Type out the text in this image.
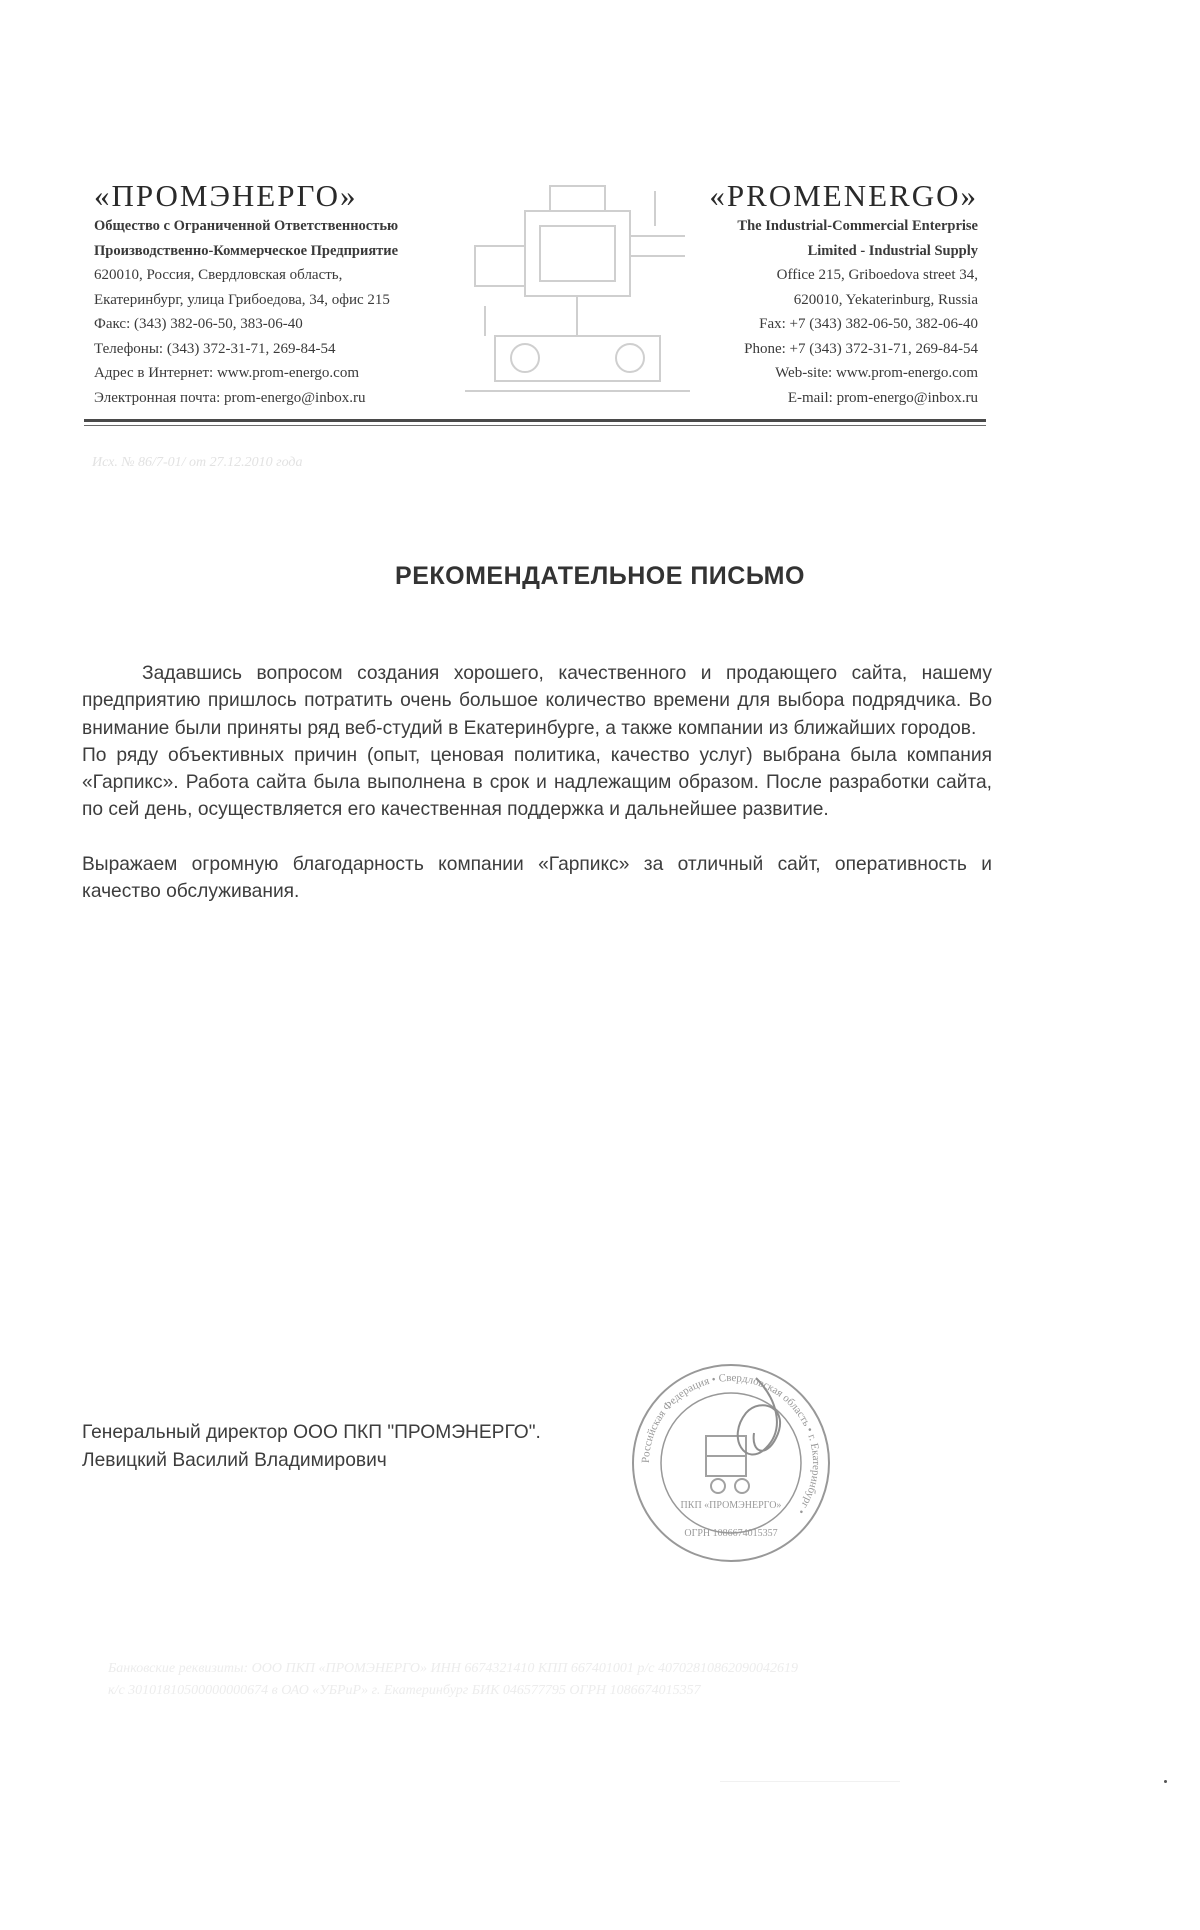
«ПРОМЭНЕРГО»
Общество с Ограниченной Ответственностью
Производственно-Коммерческое Предприятие
620010, Россия, Свердловская область,
Екатеринбург, улица Грибоедова, 34, офис 215
Факс: (343) 382-06-50, 383-06-40
Телефоны: (343) 372-31-71, 269-84-54
Адрес в Интернет: www.prom-energo.com
Электронная почта: prom-energo@inbox.ru
«PROMENERGO»
The Industrial-Commercial Enterprise
Limited - Industrial Supply
Office 215, Griboedova street 34,
620010, Yekaterinburg, Russia
Fax: +7 (343) 382-06-50, 382-06-40
Phone: +7 (343) 372-31-71, 269-84-54
Web-site: www.prom-energo.com
E-mail: prom-energo@inbox.ru
Исх. № 86/7-01/ от 27.12.2010 года
РЕКОМЕНДАТЕЛЬНОЕ ПИСЬМО

Задавшись вопросом создания хорошего, качественного и продающего сайта, нашему предприятию пришлось потратить очень большое количество времени для выбора подрядчика. Во внимание были приняты ряд веб-студий в Екатеринбурге, а также компании из ближайших городов.

По ряду объективных причин (опыт, ценовая политика, качество услуг) выбрана была компания «Гарпикс». Работа сайта была выполнена в срок и надлежащим образом. После разработки сайта, по сей день, осуществляется его качественная поддержка и дальнейшее развитие.

Выражаем огромную благодарность компании «Гарпикс» за отличный сайт, оперативность и качество обслуживания.

Генеральный директор ООО ПКП "ПРОМЭНЕРГО".
Левицкий Василий Владимирович	Российская Федерация • Свердловская область • г. Екатеринбург •
ПКП «ПРОМЭНЕРГО»
ОГРН 1086674015357
Банковские реквизиты: ООО ПКП «ПРОМЭНЕРГО» ИНН 6674321410 КПП 667401001 р/с 40702810862090042619
к/с 30101810500000000674 в ОАО «УБРиР» г. Екатеринбург БИК 046577795 ОГРН 1086674015357
